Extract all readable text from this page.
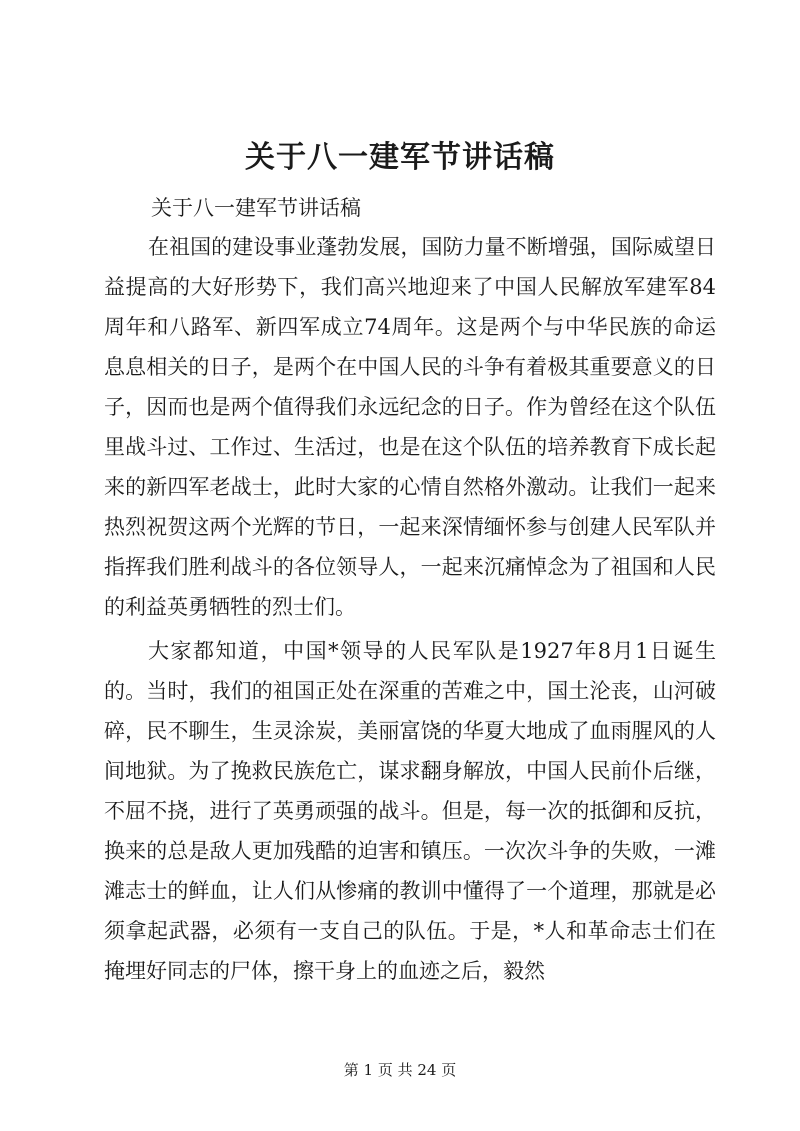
关于八一建军节讲话稿
关于八一建军节讲话稿

在祖国的建设事业蓬勃发展，国防力量不断增强，国际威望日益提高的大好形势下，我们高兴地迎来了中国人民解放军建军84周年和八路军、新四军成立74周年。这是两个与中华民族的命运息息相关的日子，是两个在中国人民的斗争有着极其重要意义的日子，因而也是两个值得我们永远纪念的日子。作为曾经在这个队伍里战斗过、工作过、生活过，也是在这个队伍的培养教育下成长起来的新四军老战士，此时大家的心情自然格外激动。让我们一起来热烈祝贺这两个光辉的节日，一起来深情缅怀参与创建人民军队并指挥我们胜利战斗的各位领导人，一起来沉痛悼念为了祖国和人民的利益英勇牺牲的烈士们。

大家都知道，中国*领导的人民军队是1927年8月1日诞生的。当时，我们的祖国正处在深重的苦难之中，国土沦丧，山河破碎，民不聊生，生灵涂炭，美丽富饶的华夏大地成了血雨腥风的人间地狱。为了挽救民族危亡，谋求翻身解放，中国人民前仆后继，不屈不挠，进行了英勇顽强的战斗。但是，每一次的抵御和反抗，换来的总是敌人更加残酷的迫害和镇压。一次次斗争的失败，一滩滩志士的鲜血，让人们从惨痛的教训中懂得了一个道理，那就是必须拿起武器，必须有一支自己的队伍。于是，*人和革命志士们在掩埋好同志的尸体，擦干身上的血迹之后，毅然

第 1 页 共 24 页
